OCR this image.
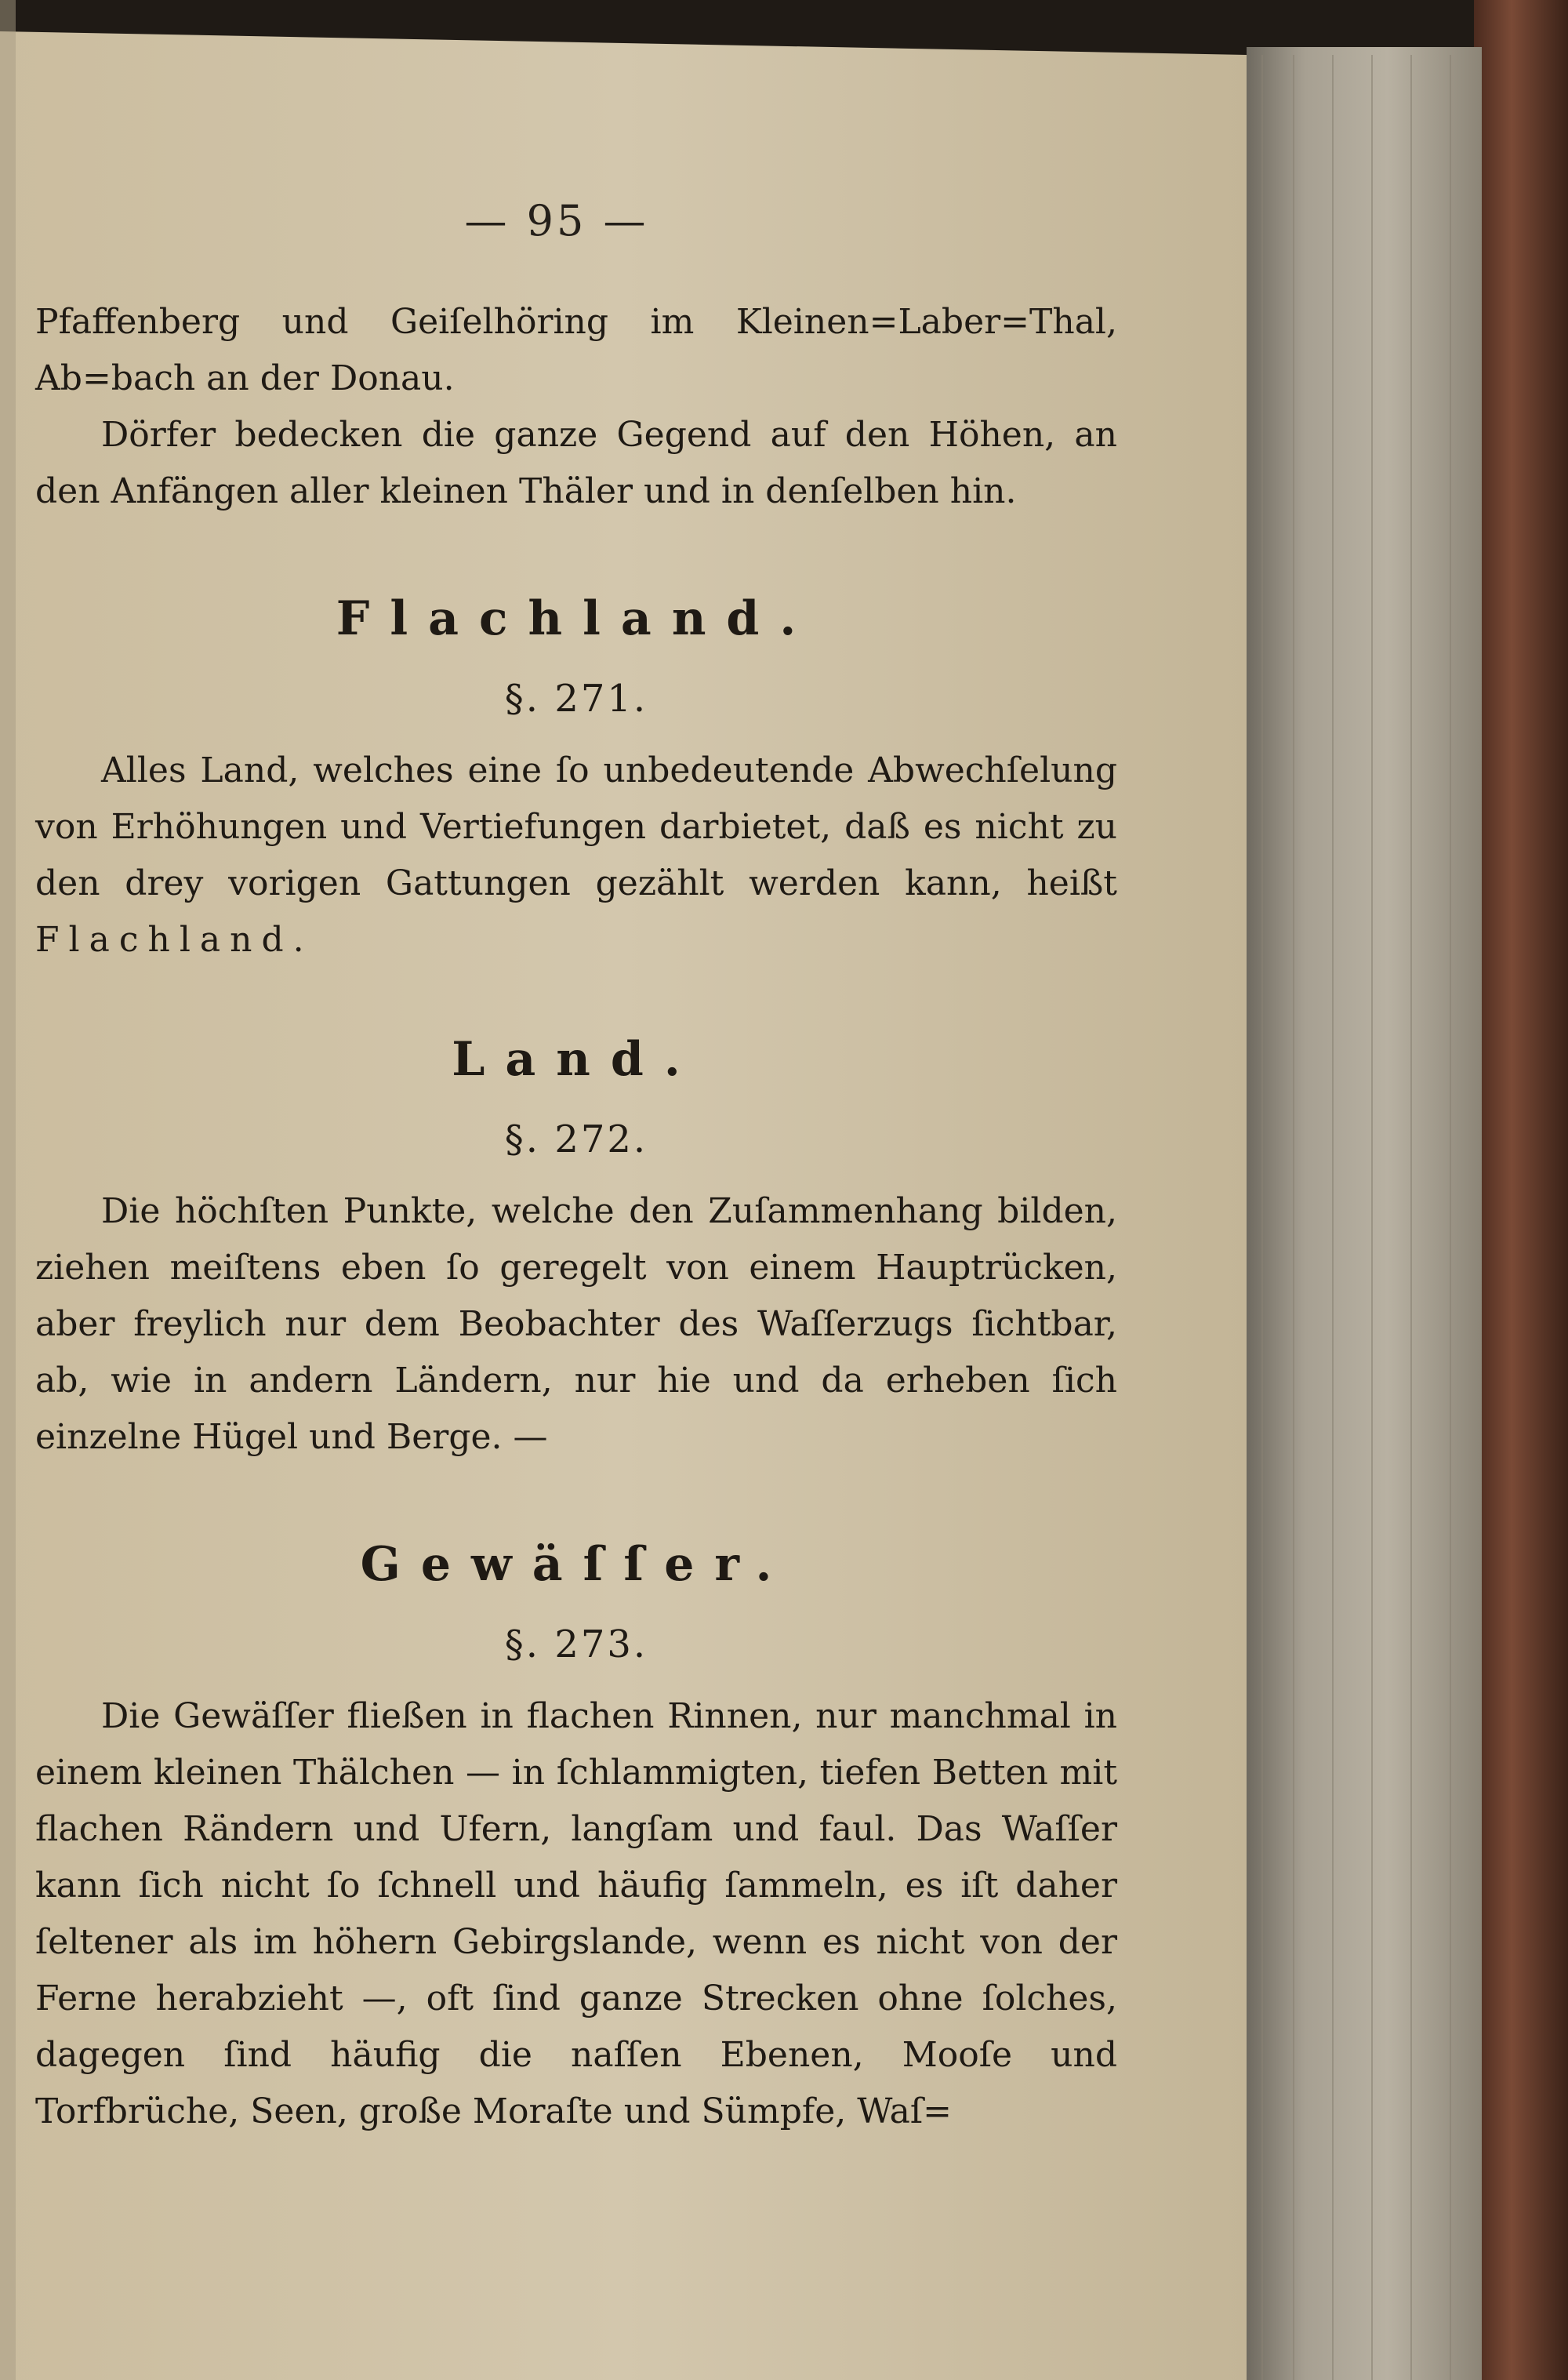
— 95 —

Pfaffenberg und Geiſelhöring im Kleinen=Laber=Thal, Ab=bach an der Donau.

Dörfer bedecken die ganze Gegend auf den Höhen, an den Anfängen aller kleinen Thäler und in denſelben hin.

Flachland.

§. 271.

Alles Land, welches eine ſo unbedeutende Abwechſelung von Erhöhungen und Vertiefungen darbietet, daß es nicht zu den drey vorigen Gattungen gezählt werden kann, heißt Flachland.

Land.

§. 272.

Die höchſten Punkte, welche den Zuſammenhang bilden, ziehen meiſtens eben ſo geregelt von einem Hauptrücken, aber freylich nur dem Beobachter des Waſſerzugs ſichtbar, ab, wie in andern Ländern, nur hie und da erheben ſich einzelne Hügel und Berge. —

Gewäſſer.

§. 273.

Die Gewäſſer fließen in flachen Rinnen, nur manchmal in einem kleinen Thälchen — in ſchlammigten, tiefen Betten mit flachen Rändern und Ufern, langſam und faul. Das Waſſer kann ſich nicht ſo ſchnell und häufig ſammeln, es iſt daher ſeltener als im höhern Gebirgslande, wenn es nicht von der Ferne herabzieht —, oft ſind ganze Strecken ohne ſolches, dagegen ſind häufig die naſſen Ebenen, Mooſe und Torfbrüche, Seen, große Moraſte und Sümpfe, Waſ=
